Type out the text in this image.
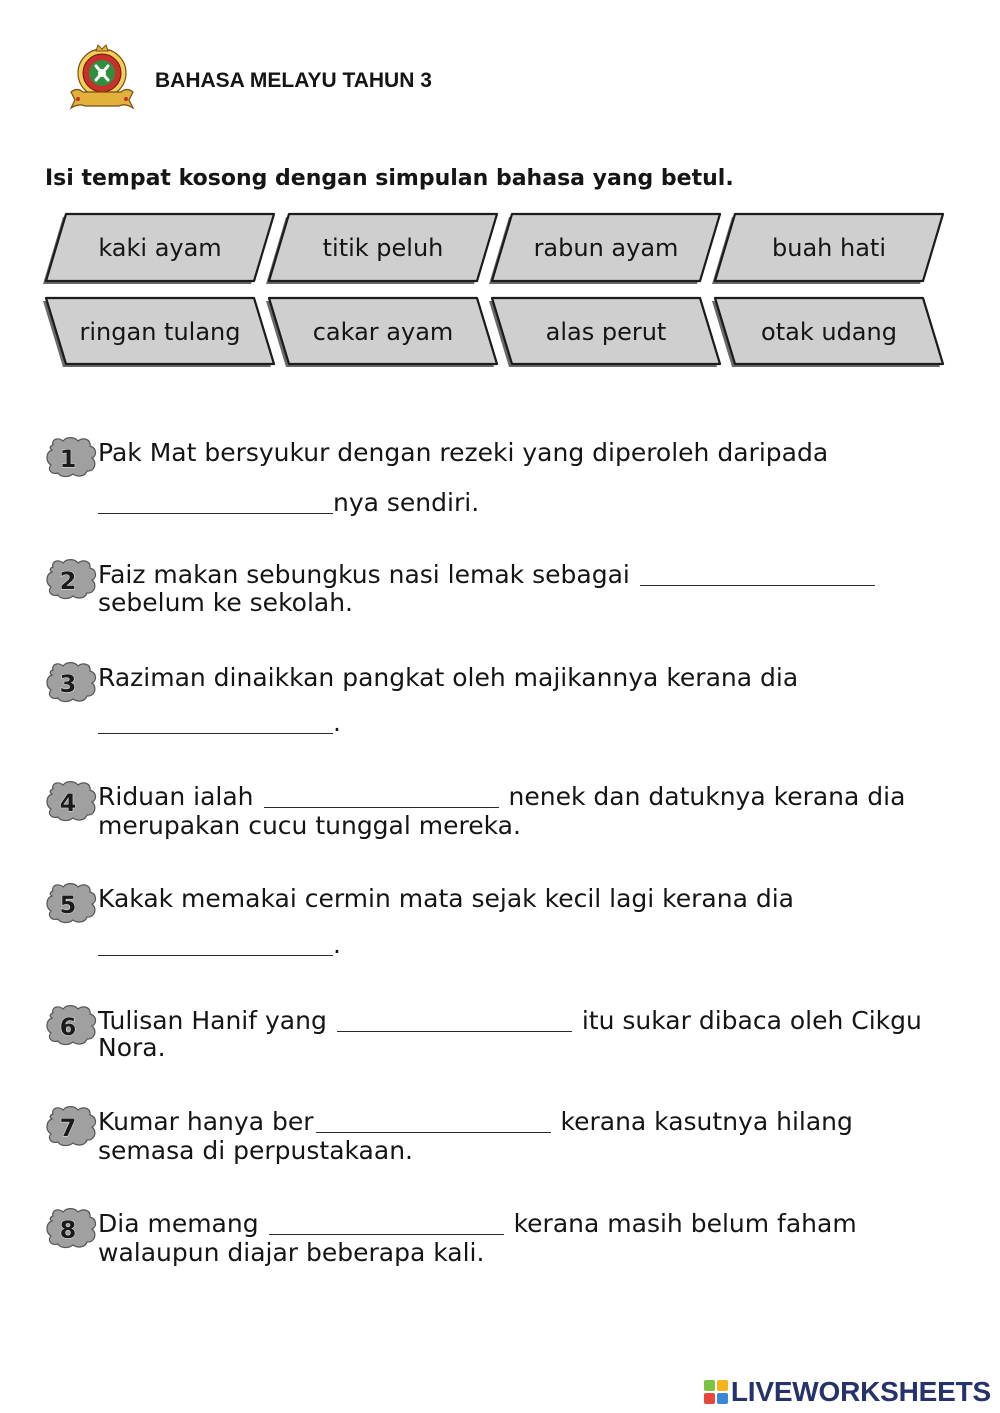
BAHASA MELAYU TAHUN 3
Isi tempat kosong dengan simpulan bahasa yang betul.
kaki ayam	titik peluh	rabun ayam	buah hati
ringan tulang	cakar ayam	alas perut	otak udang
1 Pak Mat bersyukur dengan rezeki yang diperoleh daripada
nya sendiri.
2 Faiz makan sebungkus nasi lemak sebagai
sebelum ke sekolah.
3 Raziman dinaikkan pangkat oleh majikannya kerana dia
.
4 Riduan ialah	nenek dan datuknya kerana dia
merupakan cucu tunggal mereka.
5 Kakak memakai cermin mata sejak kecil lagi kerana dia
.
6 Tulisan Hanif yang	itu sukar dibaca oleh Cikgu
Nora.
7 Kumar hanya ber	kerana kasutnya hilang
semasa di perpustakaan.
8 Dia memang	kerana masih belum faham
walaupun diajar beberapa kali.
LIVEWORKSHEETS
